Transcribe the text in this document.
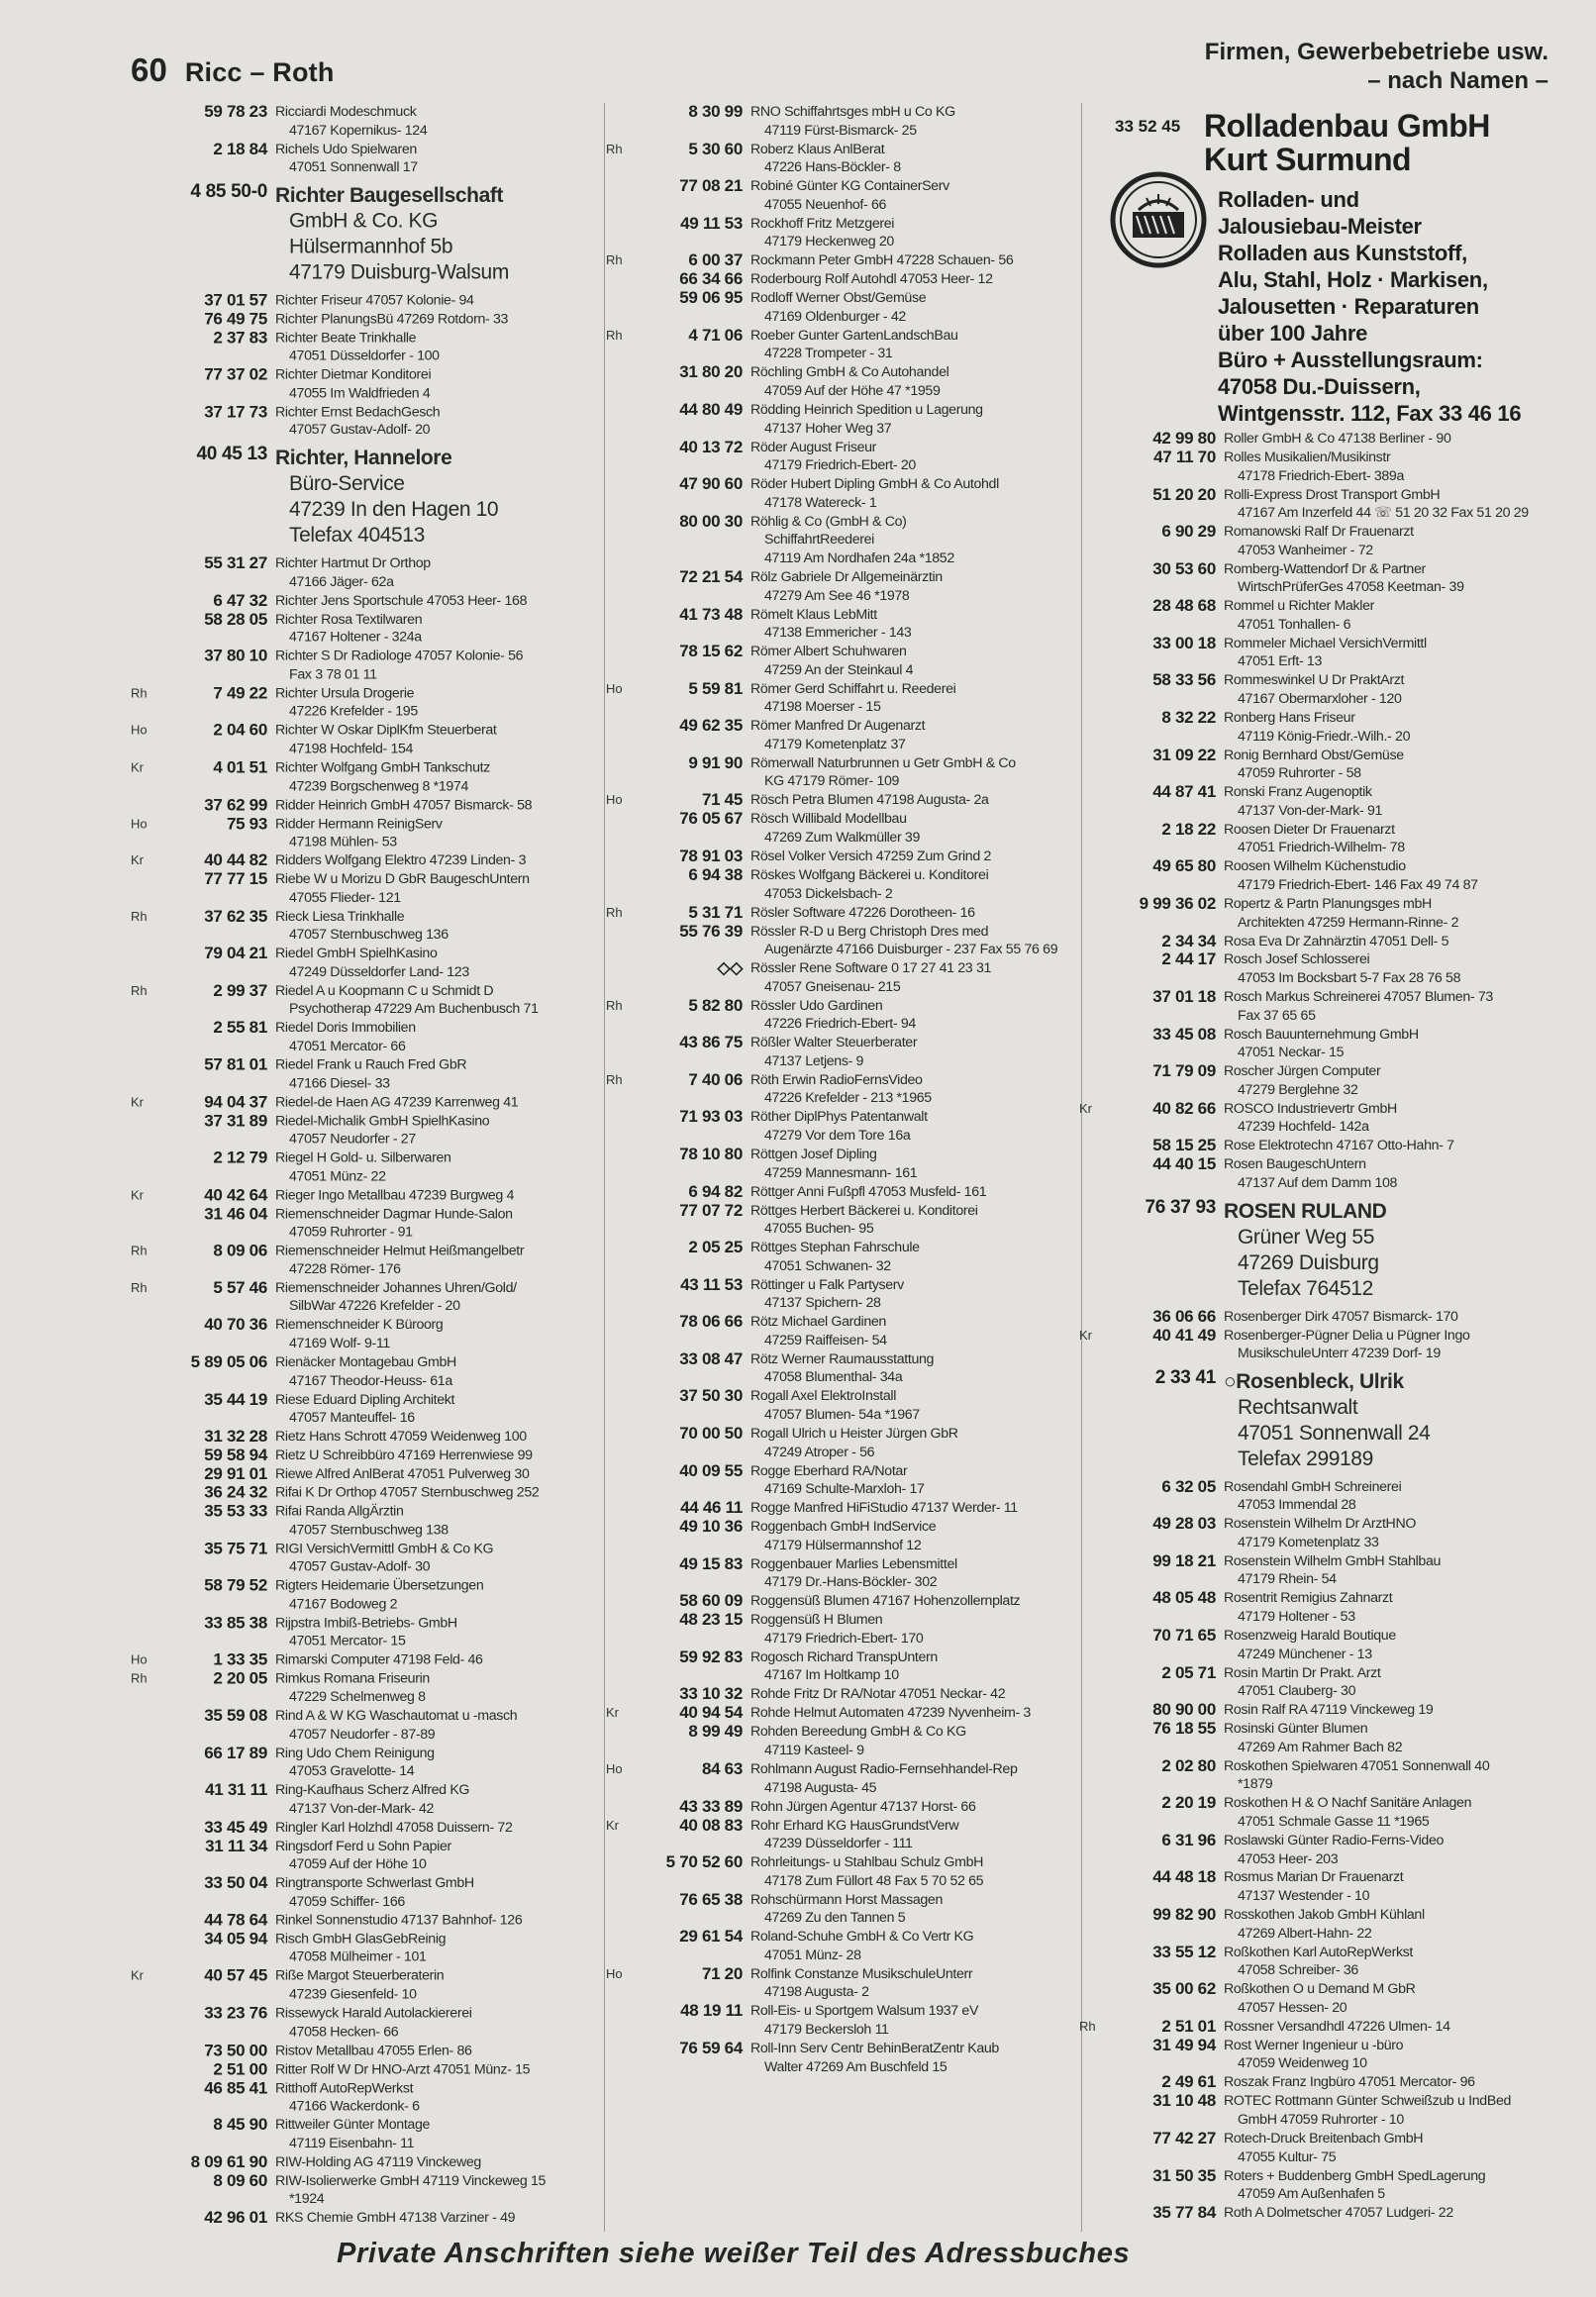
60 Ricc – Roth
Firmen, Gewerbebetriebe usw.
– nach Namen –
59 78 23 Ricciardi Modeschmuck
47167 Kopernikus- 124
2 18 84 Richels Udo Spielwaren
47051 Sonnenwall 17
4 85 50-0 Richter Baugesellschaft
GmbH & Co. KG
Hülsermannhof 5b
47179 Duisburg-Walsum
37 01 57 Richter Friseur 47057 Kolonie- 94
76 49 75 Richter PlanungsBü 47269 Rotdorn- 33
2 37 83 Richter Beate Trinkhalle
47051 Düsseldorfer - 100
77 37 02 Richter Dietmar Konditorei
47055 Im Waldfrieden 4
37 17 73 Richter Ernst BedachGesch
47057 Gustav-Adolf- 20
40 45 13 Richter, Hannelore
Büro-Service
47239 In den Hagen 10
Telefax 404513
55 31 27 Richter Hartmut Dr Orthop
47166 Jäger- 62a
6 47 32 Richter Jens Sportschule 47053 Heer- 168
58 28 05 Richter Rosa Textilwaren
47167 Holtener - 324a
37 80 10 Richter S Dr Radiologe 47057 Kolonie- 56
Fax 3 78 01 11
Rh	7 49 22 Richter Ursula Drogerie
47226 Krefelder - 195
Ho	2 04 60 Richter W Oskar DiplKfm Steuerberat
47198 Hochfeld- 154
Kr	4 01 51 Richter Wolfgang GmbH Tankschutz
47239 Borgschenweg 8 *1974
37 62 99 Ridder Heinrich GmbH 47057 Bismarck- 58
Ho	75 93 Ridder Hermann ReinigServ
47198 Mühlen- 53
Kr	40 44 82 Ridders Wolfgang Elektro 47239 Linden- 3
77 77 15 Riebe W u Morizu D GbR BaugeschUntern
47055 Flieder- 121
Rh	37 62 35 Rieck Liesa Trinkhalle
47057 Sternbuschweg 136
79 04 21 Riedel GmbH SpielhKasino
47249 Düsseldorfer Land- 123
Rh	2 99 37 Riedel A u Koopmann C u Schmidt D
Psychotherap 47229 Am Buchenbusch 71
2 55 81 Riedel Doris Immobilien
47051 Mercator- 66
57 81 01 Riedel Frank u Rauch Fred GbR
47166 Diesel- 33
Kr	94 04 37 Riedel-de Haen AG 47239 Karrenweg 41
37 31 89 Riedel-Michalik GmbH SpielhKasino
47057 Neudorfer - 27
2 12 79 Riegel H Gold- u. Silberwaren
47051 Münz- 22
Kr	40 42 64 Rieger Ingo Metallbau 47239 Burgweg 4
31 46 04 Riemenschneider Dagmar Hunde-Salon
47059 Ruhrorter - 91
Rh	8 09 06 Riemenschneider Helmut Heißmangelbetr
47228 Römer- 176
Rh	5 57 46 Riemenschneider Johannes Uhren/Gold/
SilbWar 47226 Krefelder - 20
40 70 36 Riemenschneider K Büroorg
47169 Wolf- 9-11
5 89 05 06 Rienäcker Montagebau GmbH
47167 Theodor-Heuss- 61a
35 44 19 Riese Eduard Dipling Architekt
47057 Manteuffel- 16
31 32 28 Rietz Hans Schrott 47059 Weidenweg 100
59 58 94 Rietz U Schreibbüro 47169 Herrenwiese 99
29 91 01 Riewe Alfred AnlBerat 47051 Pulverweg 30
36 24 32 Rifai K Dr Orthop 47057 Sternbuschweg 252
35 53 33 Rifai Randa AllgÄrztin
47057 Sternbuschweg 138
35 75 71 RIGI VersichVermittl GmbH & Co KG
47057 Gustav-Adolf- 30
58 79 52 Rigters Heidemarie Übersetzungen
47167 Bodoweg 2
33 85 38 Rijpstra Imbiß-Betriebs- GmbH
47051 Mercator- 15
Ho	1 33 35 Rimarski Computer 47198 Feld- 46
Rh	2 20 05 Rimkus Romana Friseurin
47229 Schelmenweg 8
35 59 08 Rind A & W KG Waschautomat u -masch
47057 Neudorfer - 87-89
66 17 89 Ring Udo Chem Reinigung
47053 Gravelotte- 14
41 31 11 Ring-Kaufhaus Scherz Alfred KG
47137 Von-der-Mark- 42
33 45 49 Ringler Karl Holzhdl 47058 Duissern- 72
31 11 34 Ringsdorf Ferd u Sohn Papier
47059 Auf der Höhe 10
33 50 04 Ringtransporte Schwerlast GmbH
47059 Schiffer- 166
44 78 64 Rinkel Sonnenstudio 47137 Bahnhof- 126
34 05 94 Risch GmbH GlasGebReinig
47058 Mülheimer - 101
Kr	40 57 45 Riße Margot Steuerberaterin
47239 Giesenfeld- 10
33 23 76 Rissewyck Harald Autolackiererei
47058 Hecken- 66
73 50 00 Ristov Metallbau 47055 Erlen- 86
2 51 00 Ritter Rolf W Dr HNO-Arzt 47051 Münz- 15
46 85 41 Ritthoff AutoRepWerkst
47166 Wackerdonk- 6
8 45 90 Rittweiler Günter Montage
47119 Eisenbahn- 11
8 09 61 90 RIW-Holding AG 47119 Vinckeweg
8 09 60 RIW-Isolierwerke GmbH 47119 Vinckeweg 15
*1924
42 96 01 RKS Chemie GmbH 47138 Varziner - 49
8 30 99 RNO Schiffahrtsges mbH u Co KG
47119 Fürst-Bismarck- 25
Rh	5 30 60 Roberz Klaus AnlBerat
47226 Hans-Böckler- 8
77 08 21 Robiné Günter KG ContainerServ
47055 Neuenhof- 66
49 11 53 Rockhoff Fritz Metzgerei
47179 Heckenweg 20
Rh	6 00 37 Rockmann Peter GmbH 47228 Schauen- 56
66 34 66 Roderbourg Rolf Autohdl 47053 Heer- 12
59 06 95 Rodloff Werner Obst/Gemüse
47169 Oldenburger - 42
Rh	4 71 06 Roeber Gunter GartenLandschBau
47228 Trompeter - 31
31 80 20 Röchling GmbH & Co Autohandel
47059 Auf der Höhe 47 *1959
44 80 49 Rödding Heinrich Spedition u Lagerung
47137 Hoher Weg 37
40 13 72 Röder August Friseur
47179 Friedrich-Ebert- 20
47 90 60 Röder Hubert Dipling GmbH & Co Autohdl
47178 Watereck- 1
80 00 30 Röhlig & Co (GmbH & Co)
SchiffahrtReederei
47119 Am Nordhafen 24a *1852
72 21 54 Rölz Gabriele Dr Allgemeinärztin
47279 Am See 46 *1978
41 73 48 Römelt Klaus LebMitt
47138 Emmericher - 143
78 15 62 Römer Albert Schuhwaren
47259 An der Steinkaul 4
Ho	5 59 81 Römer Gerd Schiffahrt u. Reederei
47198 Moerser - 15
49 62 35 Römer Manfred Dr Augenarzt
47179 Kometenplatz 37
9 91 90 Römerwall Naturbrunnen u Getr GmbH & Co
KG 47179 Römer- 109
Ho	71 45 Rösch Petra Blumen 47198 Augusta- 2a
76 05 67 Rösch Willibald Modellbau
47269 Zum Walkmüller 39
78 91 03 Rösel Volker Versich 47259 Zum Grind 2
6 94 38 Röskes Wolfgang Bäckerei u. Konditorei
47053 Dickelsbach- 2
Rh	5 31 71 Rösler Software 47226 Dorotheen- 16
55 76 39 Rössler R-D u Berg Christoph Dres med
Augenärzte 47166 Duisburger - 237 Fax 55 76 69
◇◇ Rössler Rene Software 0 17 27 41 23 31
47057 Gneisenau- 215
Rh	5 82 80 Rössler Udo Gardinen
47226 Friedrich-Ebert- 94
43 86 75 Rößler Walter Steuerberater
47137 Letjens- 9
Rh	7 40 06 Röth Erwin RadioFernsVideo
47226 Krefelder - 213 *1965
71 93 03 Röther DiplPhys Patentanwalt
47279 Vor dem Tore 16a
78 10 80 Röttgen Josef Dipling
47259 Mannesmann- 161
6 94 82 Röttger Anni Fußpfl 47053 Musfeld- 161
77 07 72 Röttges Herbert Bäckerei u. Konditorei
47055 Buchen- 95
2 05 25 Röttges Stephan Fahrschule
47051 Schwanen- 32
43 11 53 Röttinger u Falk Partyserv
47137 Spichern- 28
78 06 66 Rötz Michael Gardinen
47259 Raiffeisen- 54
33 08 47 Rötz Werner Raumausstattung
47058 Blumenthal- 34a
37 50 30 Rogall Axel ElektroInstall
47057 Blumen- 54a *1967
70 00 50 Rogall Ulrich u Heister Jürgen GbR
47249 Atroper - 56
40 09 55 Rogge Eberhard RA/Notar
47169 Schulte-Marxloh- 17
44 46 11 Rogge Manfred HiFiStudio 47137 Werder- 11
49 10 36 Roggenbach GmbH IndService
47179 Hülsermannshof 12
49 15 83 Roggenbauer Marlies Lebensmittel
47179 Dr.-Hans-Böckler- 302
58 60 09 Roggensüß Blumen 47167 Hohenzollernplatz
48 23 15 Roggensüß H Blumen
47179 Friedrich-Ebert- 170
59 92 83 Rogosch Richard TranspUntern
47167 Im Holtkamp 10
33 10 32 Rohde Fritz Dr RA/Notar 47051 Neckar- 42
Kr	40 94 54 Rohde Helmut Automaten 47239 Nyvenheim- 3
8 99 49 Rohden Bereedung GmbH & Co KG
47119 Kasteel- 9
Ho	84 63 Rohlmann August Radio-Fernsehhandel-Rep
47198 Augusta- 45
43 33 89 Rohn Jürgen Agentur 47137 Horst- 66
Kr	40 08 83 Rohr Erhard KG HausGrundstVerw
47239 Düsseldorfer - 111
5 70 52 60 Rohrleitungs- u Stahlbau Schulz GmbH
47178 Zum Füllort 48 Fax 5 70 52 65
76 65 38 Rohschürmann Horst Massagen
47269 Zu den Tannen 5
29 61 54 Roland-Schuhe GmbH & Co Vertr KG
47051 Münz- 28
Ho	71 20 Rolfink Constanze MusikschuleUnterr
47198 Augusta- 2
48 19 11 Roll-Eis- u Sportgem Walsum 1937 eV
47179 Beckersloh 11
76 59 64 Roll-Inn Serv Centr BehinBeratZentr Kaub
Walter 47269 Am Buschfeld 15
33 52 45 Rolladenbau GmbH
Kurt Surmund
Rolladen- und
Jalousiebau-Meister
Rolladen aus Kunststoff,
Alu, Stahl, Holz · Markisen,
Jalousetten · Reparaturen
über 100 Jahre
Büro + Ausstellungsraum:
47058 Du.-Duissern,
Wintgensstr. 112, Fax 33 46 16
42 99 80 Roller GmbH & Co 47138 Berliner - 90
47 11 70 Rolles Musikalien/Musikinstr
47178 Friedrich-Ebert- 389a
51 20 20 Rolli-Express Drost Transport GmbH
47167 Am Inzerfeld 44 ☏ 51 20 32 Fax 51 20 29
6 90 29 Romanowski Ralf Dr Frauenarzt
47053 Wanheimer - 72
30 53 60 Romberg-Wattendorf Dr & Partner
WirtschPrüferGes 47058 Keetman- 39
28 48 68 Rommel u Richter Makler
47051 Tonhallen- 6
33 00 18 Rommeler Michael VersichVermittl
47051 Erft- 13
58 33 56 Rommeswinkel U Dr PraktArzt
47167 Obermarxloher - 120
8 32 22 Ronberg Hans Friseur
47119 König-Friedr.-Wilh.- 20
31 09 22 Ronig Bernhard Obst/Gemüse
47059 Ruhrorter - 58
44 87 41 Ronski Franz Augenoptik
47137 Von-der-Mark- 91
2 18 22 Roosen Dieter Dr Frauenarzt
47051 Friedrich-Wilhelm- 78
49 65 80 Roosen Wilhelm Küchenstudio
47179 Friedrich-Ebert- 146 Fax 49 74 87
9 99 36 02 Ropertz & Partn Planungsges mbH
Architekten 47259 Hermann-Rinne- 2
2 34 34 Rosa Eva Dr Zahnärztin 47051 Dell- 5
2 44 17 Rosch Josef Schlosserei
47053 Im Bocksbart 5-7 Fax 28 76 58
37 01 18 Rosch Markus Schreinerei 47057 Blumen- 73
Fax 37 65 65
33 45 08 Rosch Bauunternehmung GmbH
47051 Neckar- 15
71 79 09 Roscher Jürgen Computer
47279 Berglehne 32
Kr	40 82 66 ROSCO Industrievertr GmbH
47239 Hochfeld- 142a
58 15 25 Rose Elektrotechn 47167 Otto-Hahn- 7
44 40 15 Rosen BaugeschUntern
47137 Auf dem Damm 108
76 37 93 ROSEN RULAND
Grüner Weg 55
47269 Duisburg
Telefax 764512
36 06 66 Rosenberger Dirk 47057 Bismarck- 170
Kr	40 41 49 Rosenberger-Pügner Delia u Pügner Ingo
MusikschuleUnterr 47239 Dorf- 19
2 33 41 ○Rosenbleck, Ulrik
Rechtsanwalt
47051 Sonnenwall 24
Telefax 299189
6 32 05 Rosendahl GmbH Schreinerei
47053 Immendal 28
49 28 03 Rosenstein Wilhelm Dr ArztHNO
47179 Kometenplatz 33
99 18 21 Rosenstein Wilhelm GmbH Stahlbau
47179 Rhein- 54
48 05 48 Rosentrit Remigius Zahnarzt
47179 Holtener - 53
70 71 65 Rosenzweig Harald Boutique
47249 Münchener - 13
2 05 71 Rosin Martin Dr Prakt. Arzt
47051 Clauberg- 30
80 90 00 Rosin Ralf RA 47119 Vinckeweg 19
76 18 55 Rosinski Günter Blumen
47269 Am Rahmer Bach 82
2 02 80 Roskothen Spielwaren 47051 Sonnenwall 40
*1879
2 20 19 Roskothen H & O Nachf Sanitäre Anlagen
47051 Schmale Gasse 11 *1965
6 31 96 Roslawski Günter Radio-Ferns-Video
47053 Heer- 203
44 48 18 Rosmus Marian Dr Frauenarzt
47137 Westender - 10
99 82 90 Rosskothen Jakob GmbH Kühlanl
47269 Albert-Hahn- 22
33 55 12 Roßkothen Karl AutoRepWerkst
47058 Schreiber- 36
35 00 62 Roßkothen O u Demand M GbR
47057 Hessen- 20
Rh	2 51 01 Rossner Versandhdl 47226 Ulmen- 14
31 49 94 Rost Werner Ingenieur u -büro
47059 Weidenweg 10
2 49 61 Roszak Franz Ingbüro 47051 Mercator- 96
31 10 48 ROTEC Rottmann Günter Schweißzub u IndBed
GmbH 47059 Ruhrorter - 10
77 42 27 Rotech-Druck Breitenbach GmbH
47055 Kultur- 75
31 50 35 Roters + Buddenberg GmbH SpedLagerung
47059 Am Außenhafen 5
35 77 84 Roth A Dolmetscher 47057 Ludgeri- 22
Private Anschriften siehe weißer Teil des Adressbuches
